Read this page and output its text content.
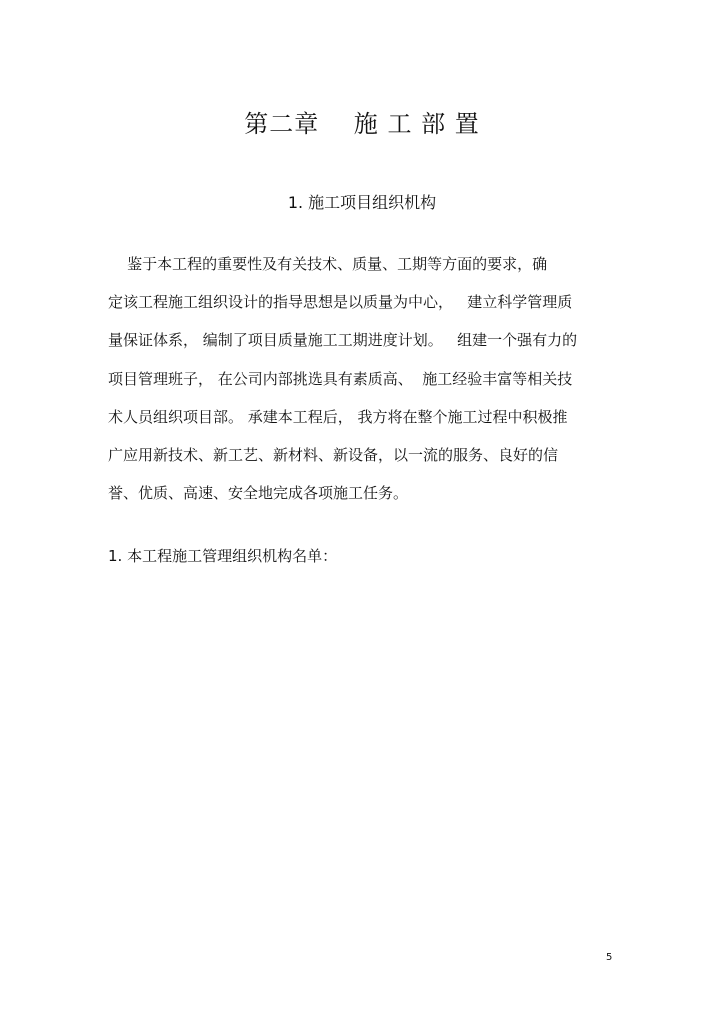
第二章    施 工 部 置
1. 施工项目组织机构
鉴于本工程的重要性及有关技术、质量、工期等方面的要求，确
定该工程施工组织设计的指导思想是以质量为中心，   建立科学管理质
量保证体系， 编制了项目质量施工工期进度计划。   组建一个强有力的
项目管理班子， 在公司内部挑选具有素质高、  施工经验丰富等相关技
术人员组织项目部。 承建本工程后， 我方将在整个施工过程中积极推
广应用新技术、新工艺、新材料、新设备，以一流的服务、良好的信
誉、优质、高速、安全地完成各项施工任务。
1. 本工程施工管理组织机构名单：
5
